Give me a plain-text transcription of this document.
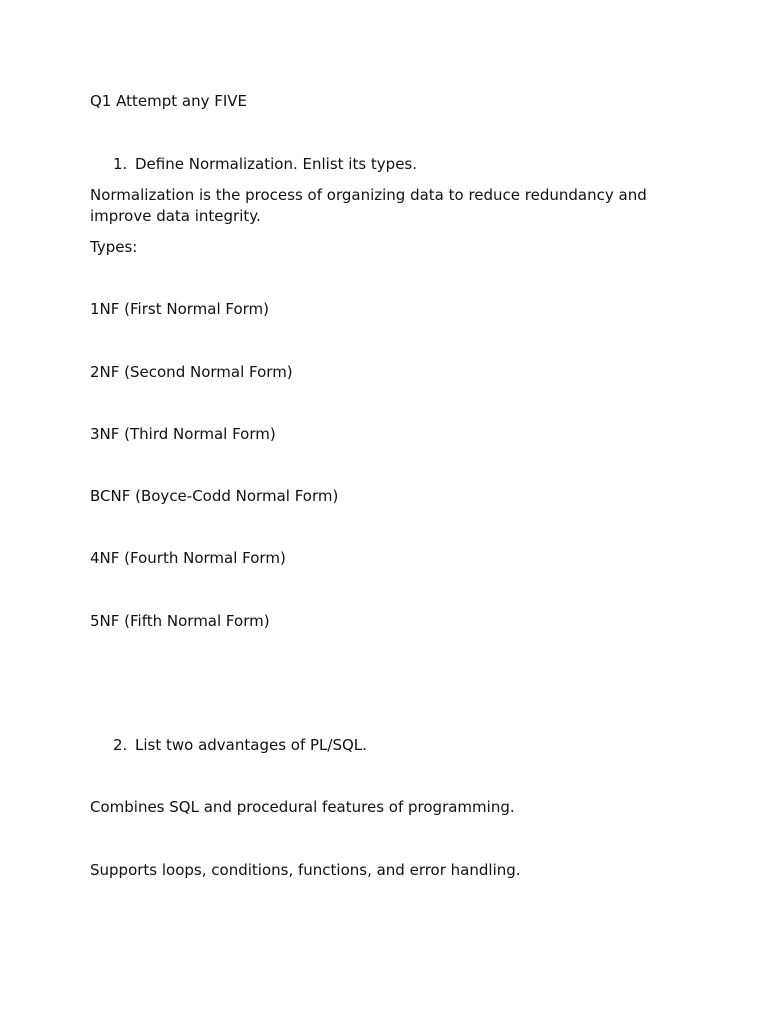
Q1 Attempt any FIVE

1. Define Normalization. Enlist its types.

Normalization is the process of organizing data to reduce redundancy and improve data integrity.

Types:

1NF (First Normal Form)

2NF (Second Normal Form)

3NF (Third Normal Form)

BCNF (Boyce-Codd Normal Form)

4NF (Fourth Normal Form)

5NF (Fifth Normal Form)

2. List two advantages of PL/SQL.

Combines SQL and procedural features of programming.

Supports loops, conditions, functions, and error handling.
